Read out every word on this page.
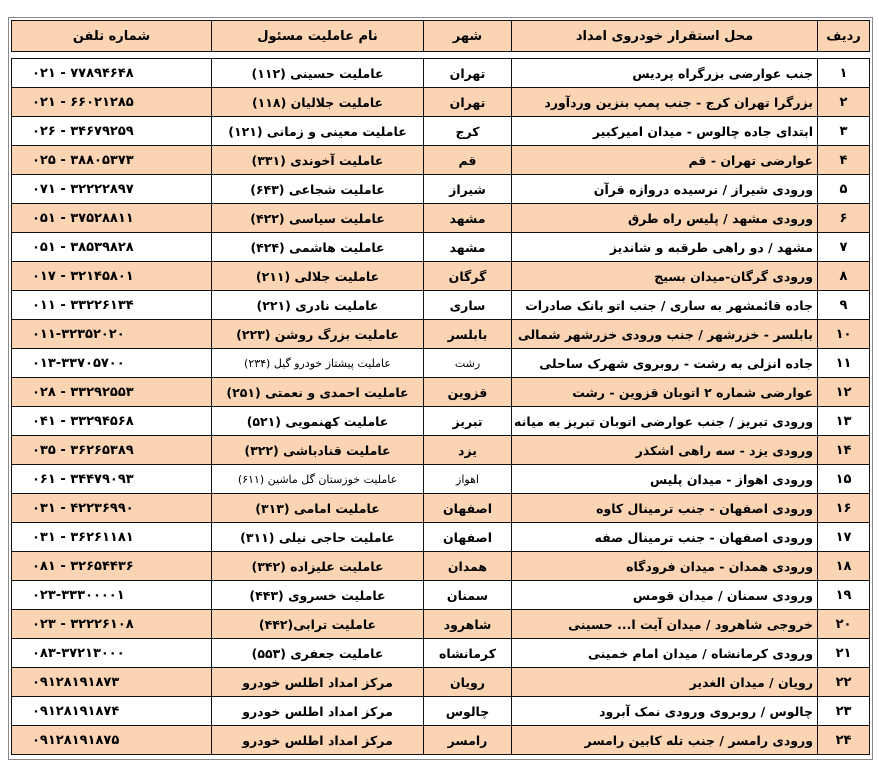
ردیف	محل استقرار خودروی امداد	شهر	نام عاملیت مسئول	شماره تلفن
۱	جنب عوارضی بزرگراه پردیس	تهران	عاملیت حسینی (۱۱۲)	۰۲۱ - ۷۷۸۹۴۶۴۸
۲	بزرگرا تهران کرج - جنب پمپ بنزین وردآورد	تهران	عاملیت جلالیان (۱۱۸)	۰۲۱ - ۶۶۰۲۱۲۸۵
۳	ابتدای جاده چالوس - میدان امیرکبیر	کرج	عاملیت معینی و زمانی (۱۲۱)	۰۲۶ - ۳۴۶۷۹۲۵۹
۴	عوارضی تهران - قم	قم	عاملیت آخوندی (۳۳۱)	۰۲۵ - ۳۸۸۰۵۳۷۳
۵	ورودی شیراز / نرسیده دروازه قرآن	شیراز	عاملیت شجاعی (۶۴۳)	۰۷۱ - ۳۲۲۲۲۸۹۷
۶	ورودی مشهد / پلیس راه طرق	مشهد	عاملیت سیاسی (۴۲۲)	۰۵۱ - ۳۷۵۲۸۸۱۱
۷	مشهد / دو راهی طرقبه و شاندیز	مشهد	عاملیت هاشمی (۴۲۴)	۰۵۱ - ۳۸۵۳۹۸۲۸
۸	ورودی گرگان-میدان بسیج	گرگان	عاملیت جلالی (۲۱۱)	۰۱۷ - ۳۲۱۴۵۸۰۱
۹	جاده قائمشهر به ساری / جنب اتو بانک صادرات	ساری	عاملیت نادری (۲۲۱)	۰۱۱ - ۳۳۲۲۶۱۳۴
۱۰	بابلسر - خزرشهر / جنب ورودی خزرشهر شمالی	بابلسر	عاملیت بزرگ روشن (۲۲۳)	۰۱۱-۳۲۳۵۲۰۲۰
۱۱	جاده انزلی به رشت - روبروی شهرک ساحلی	رشت	عاملیت پیشتاز خودرو گیل (۲۳۴)	۰۱۳-۳۳۷۰۵۷۰۰
۱۲	عوارضی شماره ۲ اتوبان قزوین - رشت	قزوین	عاملیت احمدی و نعمتی (۲۵۱)	۰۲۸ - ۳۳۲۹۲۵۵۳
۱۳	ورودی تبریز / جنب عوارضی اتوبان تبریز به میانه	تبریز	عاملیت کهنمویی (۵۲۱)	۰۴۱ - ۳۳۲۹۴۵۶۸
۱۴	ورودی یزد - سه راهی اشکذر	یزد	عاملیت قنادباشی (۳۲۲)	۰۳۵ - ۳۶۲۶۵۳۸۹
۱۵	ورودی اهواز - میدان پلیس	اهواز	عاملیت خوزستان گل ماشین (۶۱۱)	۰۶۱ - ۳۴۴۷۹۰۹۳
۱۶	ورودی اصفهان - جنب ترمینال کاوه	اصفهان	عاملیت امامی (۳۱۳)	۰۳۱ - ۴۲۲۳۶۹۹۰
۱۷	ورودی اصفهان - جنب ترمینال صفه	اصفهان	عاملیت حاجی نیلی (۳۱۱)	۰۳۱ - ۳۶۲۶۱۱۸۱
۱۸	ورودی همدان - میدان فرودگاه	همدان	عاملیت علیزاده (۳۴۲)	۰۸۱ - ۳۲۶۵۴۴۳۶
۱۹	ورودی سمنان / میدان قومس	سمنان	عاملیت خسروی (۴۴۳)	۰۲۳-۳۳۳۰۰۰۰۱
۲۰	خروجی شاهرود / میدان آیت ا... حسینی	شاهرود	عاملیت ترابی(۴۴۲)	۰۲۳ - ۳۲۲۲۶۱۰۸
۲۱	ورودی کرمانشاه / میدان امام خمینی	کرمانشاه	عاملیت جعفری (۵۵۳)	۰۸۳-۳۷۲۱۳۰۰۰
۲۲	رویان / میدان الغدیر	رویان	مرکز امداد اطلس خودرو	۰۹۱۲۸۱۹۱۸۷۳
۲۳	چالوس / روبروی ورودی نمک آبرود	چالوس	مرکز امداد اطلس خودرو	۰۹۱۲۸۱۹۱۸۷۴
۲۴	ورودی رامسر / جنب تله کابین رامسر	رامسر	مرکز امداد اطلس خودرو	۰۹۱۲۸۱۹۱۸۷۵
